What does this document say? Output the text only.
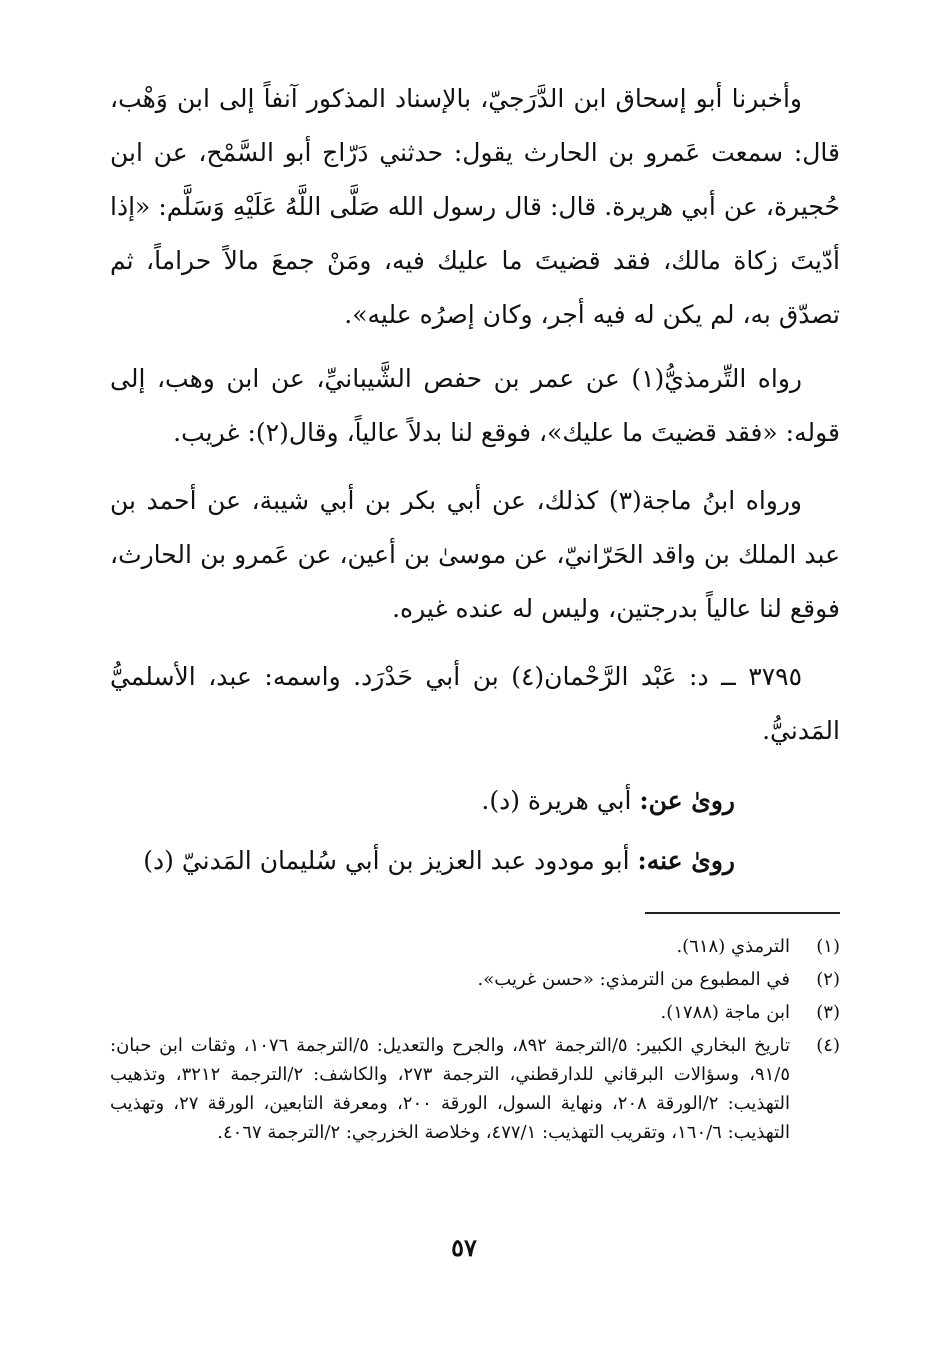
وأخبرنا أبو إسحاق ابن الدَّرَجيّ، بالإسناد المذكور آنفاً إلى ابن وَهْب، قال: سمعت عَمرو بن الحارث يقول: حدثني دَرّاج أبو السَّمْح، عن ابن حُجيرة، عن أبي هريرة. قال: قال رسول الله صَلَّى اللَّهُ عَلَيْهِ وَسَلَّم: «إذا أدّيتَ زكاة مالك، فقد قضيتَ ما عليك فيه، ومَنْ جمعَ مالاً حراماً، ثم تصدّق به، لم يكن له فيه أجر، وكان إصرُه عليه».

رواه التِّرمذيُّ(١) عن عمر بن حفص الشَّيبانيِّ، عن ابن وهب، إلى قوله: «فقد قضيتَ ما عليك»، فوقع لنا بدلاً عالياً، وقال(٢): غريب.

ورواه ابنُ ماجة(٣) كذلك، عن أبي بكر بن أبي شيبة، عن أحمد بن عبد الملك بن واقد الحَرّانيّ، عن موسىٰ بن أعين، عن عَمرو بن الحارث، فوقع لنا عالياً بدرجتين، وليس له عنده غيره.

٣٧٩٥ ــ د: عَبْد الرَّحْمان(٤) بن أبي حَدْرَد. واسمه: عبد، الأسلميُّ المَدنيُّ.

رویٰ عن: أبي هريرة (د).
رویٰ عنه: أبو مودود عبد العزيز بن أبي سُليمان المَدنيّ (د)
(١)
الترمذي (٦١٨).
(٢)
في المطبوع من الترمذي: «حسن غريب».
(٣)
ابن ماجة (١٧٨٨).
(٤)
تاريخ البخاري الكبير: ٥/الترجمة ٨٩٢، والجرح والتعديل: ٥/الترجمة ١٠٧٦، وثقات ابن حبان: ٩١/٥، وسؤالات البرقاني للدارقطني، الترجمة ٢٧٣، والكاشف: ٢/الترجمة ٣٢١٢، وتذهيب التهذيب: ٢/الورقة ٢٠٨، ونهاية السول، الورقة ٢٠٠، ومعرفة التابعين، الورقة ٢٧، وتهذيب التهذيب: ١٦٠/٦، وتقريب التهذيب: ٤٧٧/١، وخلاصة الخزرجي: ٢/الترجمة ٤٠٦٧.
٥٧
